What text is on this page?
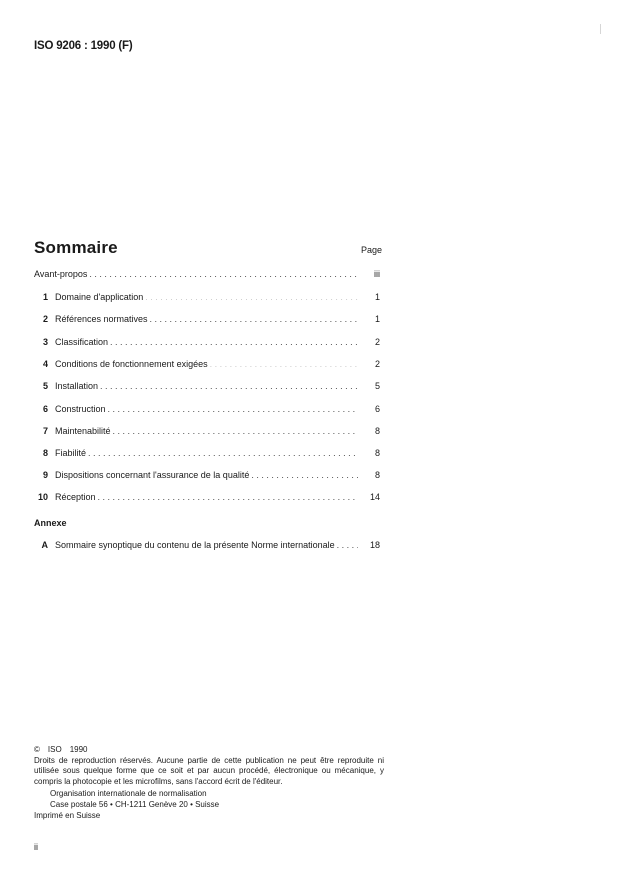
ISO 9206 : 1990 (F)
Sommaire	Page
Avant-propos . . .	iii
1 Domaine d'application . . .	1
2 Références normatives . . .	1
3 Classification . . .	2
4 Conditions de fonctionnement exigées . . .	2
5 Installation . . .	5
6 Construction . . .	6
7 Maintenabilité . . .	8
8 Fiabilité . . .	8
9 Dispositions concernant l'assurance de la qualité . . .	8
10 Réception . . .	14
Annexe
A Sommaire synoptique du contenu de la présente Norme internationale . . .	18
© ISO 1990
Droits de reproduction réservés. Aucune partie de cette publication ne peut être reproduite ni utilisée sous quelque forme que ce soit et par aucun procédé, électronique ou mécanique, y compris la photocopie et les microfilms, sans l'accord écrit de l'éditeur.
Organisation internationale de normalisation
Case postale 56 • CH-1211 Genève 20 • Suisse
Imprimé en Suisse
ii
